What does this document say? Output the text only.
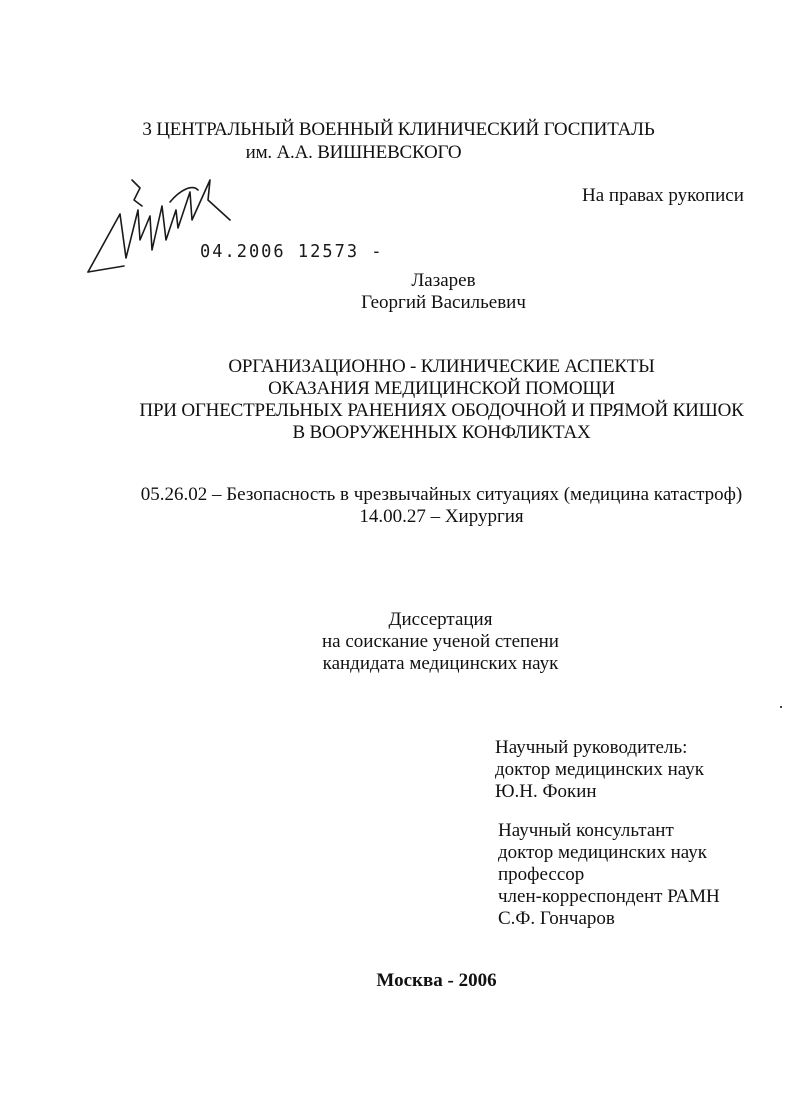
3 ЦЕНТРАЛЬНЫЙ ВОЕННЫЙ КЛИНИЧЕСКИЙ ГОСПИТАЛЬ
им. А.А. ВИШНЕВСКОГО
На правах рукописи
04.2006 12573 -
Лазарев
Георгий Васильевич
ОРГАНИЗАЦИОННО - КЛИНИЧЕСКИЕ АСПЕКТЫ
ОКАЗАНИЯ МЕДИЦИНСКОЙ ПОМОЩИ
ПРИ ОГНЕСТРЕЛЬНЫХ РАНЕНИЯХ ОБОДОЧНОЙ И ПРЯМОЙ КИШОК
В ВООРУЖЕННЫХ КОНФЛИКТАХ
05.26.02 – Безопасность в чрезвычайных ситуациях (медицина катастроф)
14.00.27 – Хирургия
Диссертация
на соискание ученой степени
кандидата медицинских наук
Научный руководитель:
доктор медицинских наук
Ю.Н. Фокин
Научный консультант
доктор медицинских наук
профессор
член-корреспондент РАМН
С.Ф. Гончаров
Москва - 2006
